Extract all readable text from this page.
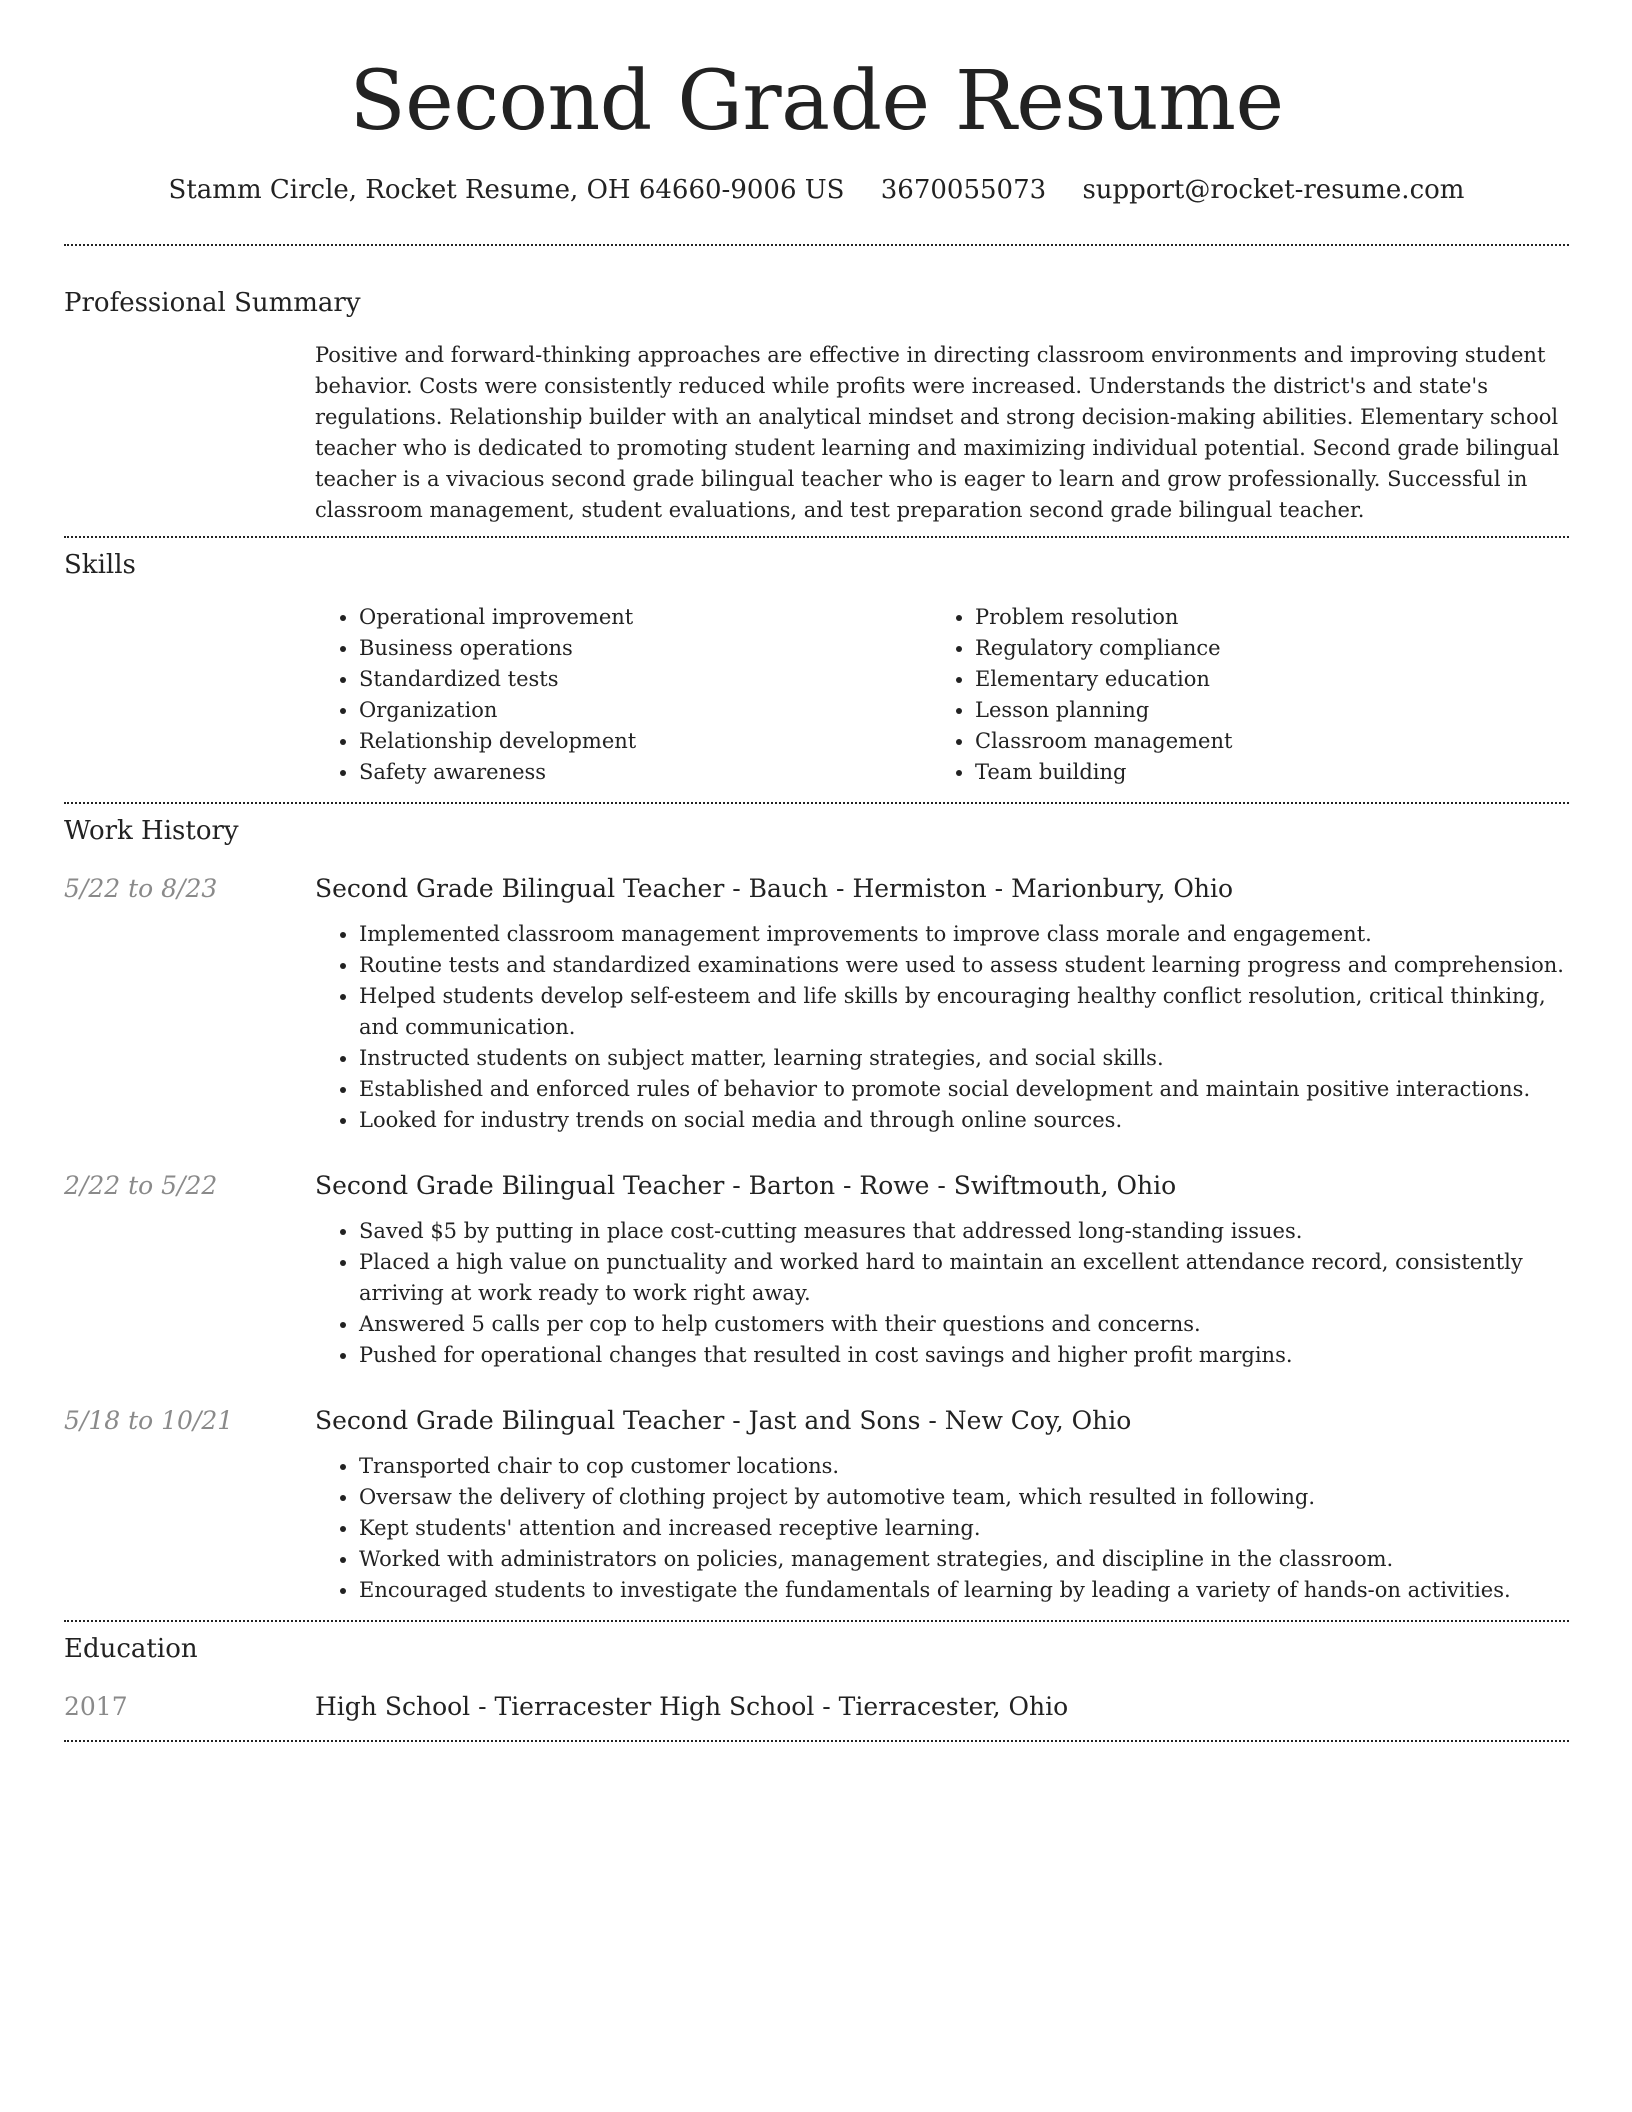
Second Grade Resume
Stamm Circle, Rocket Resume, OH 64660-9006 US 3670055073 support@rocket-resume.com
Professional Summary

Positive and forward-thinking approaches are effective in directing classroom environments and improving student behavior. Costs were consistently reduced while profits were increased. Understands the district's and state's regulations. Relationship builder with an analytical mindset and strong decision-making abilities. Elementary school teacher who is dedicated to promoting student learning and maximizing individual potential. Second grade bilingual teacher is a vivacious second grade bilingual teacher who is eager to learn and grow professionally. Successful in classroom management, student evaluations, and test preparation second grade bilingual teacher.

Skills
• Operational improvement
• Business operations
• Standardized tests
• Organization
• Relationship development
• Safety awareness
• Problem resolution
• Regulatory compliance
• Elementary education
• Lesson planning
• Classroom management
• Team building
Work History
5/22 to 8/23	Second Grade Bilingual Teacher - Bauch - Hermiston - Marionbury, Ohio
• Implemented classroom management improvements to improve class morale and engagement.
• Routine tests and standardized examinations were used to assess student learning progress and comprehension.
• Helped students develop self-esteem and life skills by encouraging healthy conflict resolution, critical thinking, and communication.
• Instructed students on subject matter, learning strategies, and social skills.
• Established and enforced rules of behavior to promote social development and maintain positive interactions.
• Looked for industry trends on social media and through online sources.
2/22 to 5/22	Second Grade Bilingual Teacher - Barton - Rowe - Swiftmouth, Ohio
• Saved $5 by putting in place cost-cutting measures that addressed long-standing issues.
• Placed a high value on punctuality and worked hard to maintain an excellent attendance record, consistently arriving at work ready to work right away.
• Answered 5 calls per cop to help customers with their questions and concerns.
• Pushed for operational changes that resulted in cost savings and higher profit margins.
5/18 to 10/21	Second Grade Bilingual Teacher - Jast and Sons - New Coy, Ohio
• Transported chair to cop customer locations.
• Oversaw the delivery of clothing project by automotive team, which resulted in following.
• Kept students' attention and increased receptive learning.
• Worked with administrators on policies, management strategies, and discipline in the classroom.
• Encouraged students to investigate the fundamentals of learning by leading a variety of hands-on activities.
Education
2017	High School - Tierracester High School - Tierracester, Ohio
